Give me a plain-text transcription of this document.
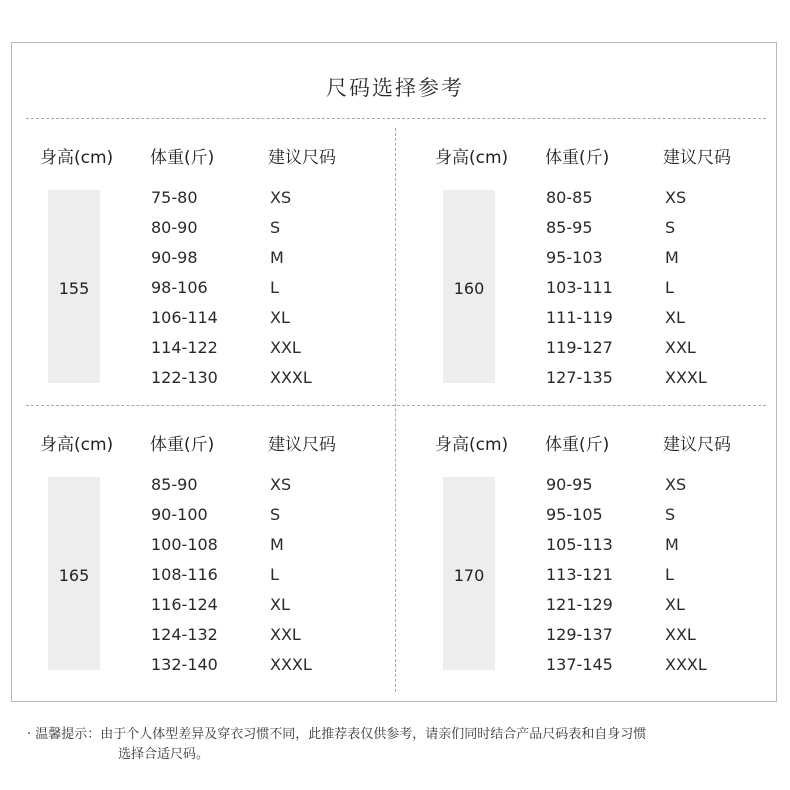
尺码选择参考
身高(cm) 体重(斤)	建议尺码
155
75-80	XS
80-90	S
90-98	M
98-106	L
106-114	XL
114-122	XXL
122-130	XXXL
身高(cm) 体重(斤)	建议尺码
160
80-85	XS
85-95	S
95-103	M
103-111	L
111-119	XL
119-127	XXL
127-135	XXXL
身高(cm) 体重(斤)	建议尺码
165
85-90	XS
90-100	S
100-108	M
108-116	L
116-124	XL
124-132	XXL
132-140	XXXL
身高(cm) 体重(斤)	建议尺码
170
90-95	XS
95-105	S
105-113	M
113-121	L
121-129	XL
129-137	XXL
137-145	XXXL
· 温馨提示：由于个人体型差异及穿衣习惯不同，此推荐表仅供参考，请亲们同时结合产品尺码表和自身习惯
选择合适尺码。
